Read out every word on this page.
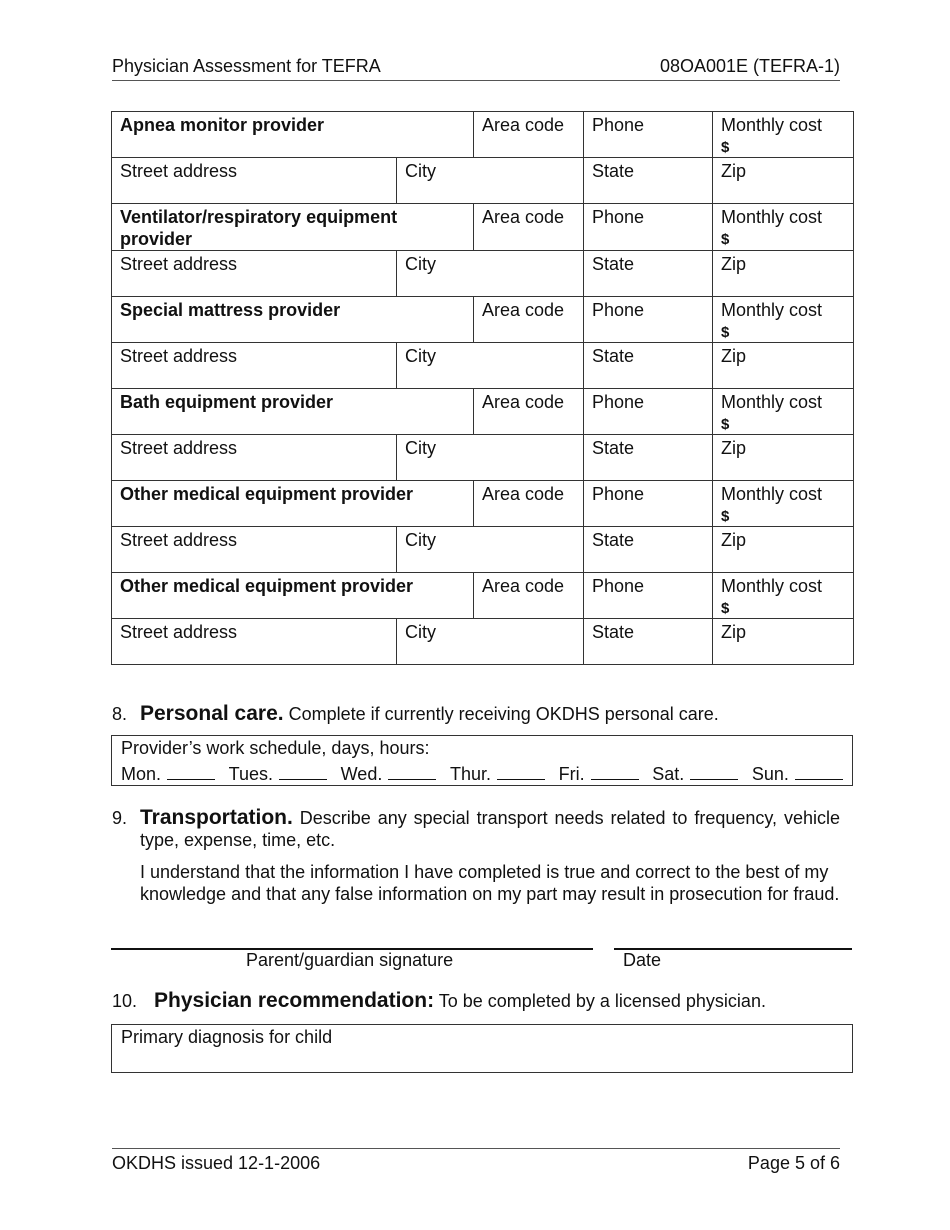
Physician Assessment for TEFRA	08OA001E (TEFRA-1)
Apnea monitor provider		Area code	Phone	Monthly cost
$

Street address	City		State	Zip
Ventilator/respiratory equipment provider		Area code	Phone	Monthly cost
$

Street address	City		State	Zip
Special mattress provider		Area code	Phone	Monthly cost
$

Street address	City		State	Zip
Bath equipment provider		Area code	Phone	Monthly cost
$

Street address	City		State	Zip
Other medical equipment provider		Area code	Phone	Monthly cost
$

Street address	City		State	Zip
Other medical equipment provider		Area code	Phone	Monthly cost
$

Street address	City		State	Zip
8. Personal care. Complete if currently receiving OKDHS personal care.
Provider’s work schedule, days, hours:
Mon.	Tues.	Wed.	Thur.	Fri.	Sat.	Sun.
9. Transportation. Describe any special transport needs related to frequency, vehicle type, expense, time, etc.
I understand that the information I have completed is true and correct to the best of my knowledge and that any false information on my part may result in prosecution for fraud.
Parent/guardian signature	Date
10. Physician recommendation: To be completed by a licensed physician.
Primary diagnosis for child
OKDHS issued 12-1-2006	Page 5 of 6
